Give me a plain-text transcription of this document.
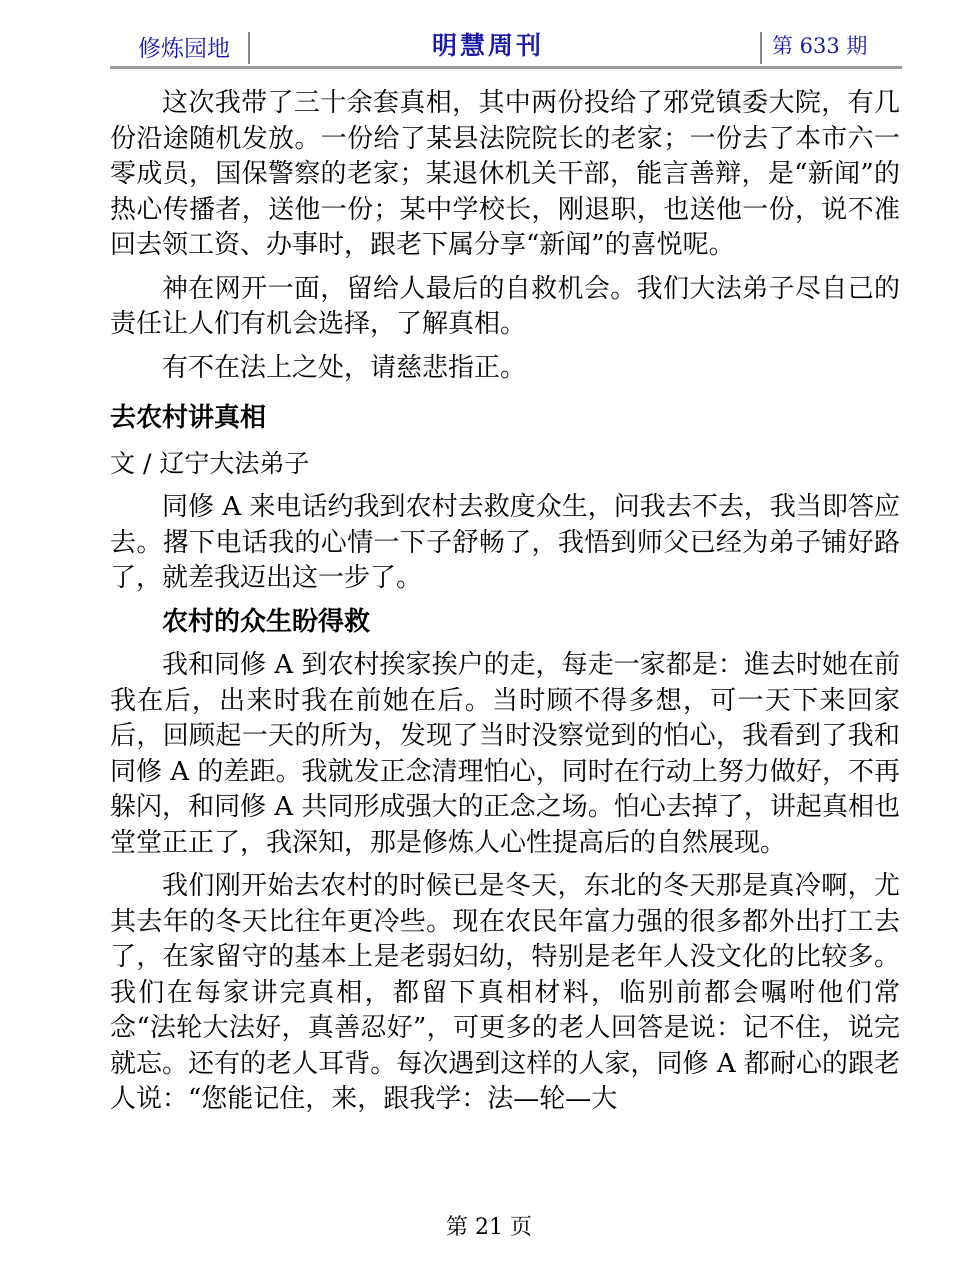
修炼园地	明慧周刊	第 633 期

这次我带了三十余套真相，其中两份投给了邪党镇委大院，有几份沿途随机发放。一份给了某县法院院长的老家；一份去了本市六一零成员，国保警察的老家；某退休机关干部，能言善辩，是“新闻”的热心传播者，送他一份；某中学校长，刚退职，也送他一份，说不准回去领工资、办事时，跟老下属分享“新闻”的喜悦呢。

神在网开一面，留给人最后的自救机会。我们大法弟子尽自己的责任让人们有机会选择，了解真相。

有不在法上之处，请慈悲指正。

去农村讲真相
文 / 辽宁大法弟子

同修 A 来电话约我到农村去救度众生，问我去不去，我当即答应去。撂下电话我的心情一下子舒畅了，我悟到师父已经为弟子铺好路了，就差我迈出这一步了。

农村的众生盼得救

我和同修 A 到农村挨家挨户的走，每走一家都是：進去时她在前我在后，出来时我在前她在后。当时顾不得多想，可一天下来回家后，回顾起一天的所为，发现了当时没察觉到的怕心，我看到了我和同修 A 的差距。我就发正念清理怕心，同时在行动上努力做好，不再躲闪，和同修 A 共同形成强大的正念之场。怕心去掉了，讲起真相也堂堂正正了，我深知，那是修炼人心性提高后的自然展现。

我们刚开始去农村的时候已是冬天，东北的冬天那是真冷啊，尤其去年的冬天比往年更冷些。现在农民年富力强的很多都外出打工去了，在家留守的基本上是老弱妇幼，特别是老年人没文化的比较多。我们在每家讲完真相，都留下真相材料，临别前都会嘱咐他们常念“法轮大法好，真善忍好”，可更多的老人回答是说：记不住，说完就忘。还有的老人耳背。每次遇到这样的人家，同修 A 都耐心的跟老人说：“您能记住，来，跟我学：法—轮—大

第 21 页
